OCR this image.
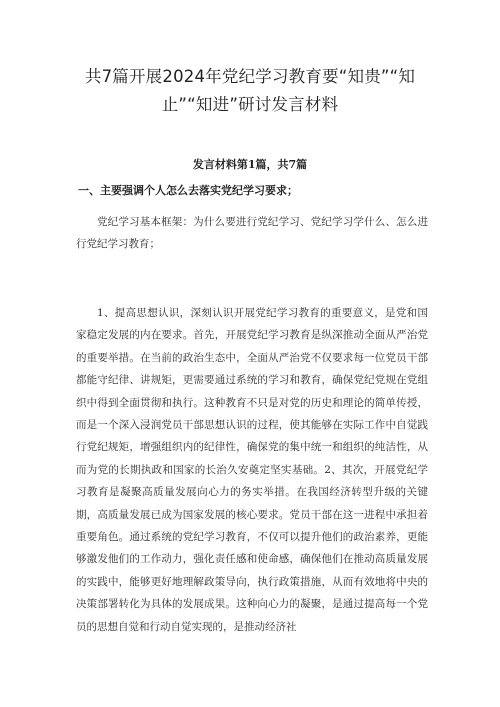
共7篇开展2024年党纪学习教育要“知贵”“知止”“知进”研讨发言材料
发言材料第1篇，共7篇
一、主要强调个人怎么去落实党纪学习要求；

党纪学习基本框架：为什么要进行党纪学习、党纪学习学什么、怎么进行党纪学习教育；

1、提高思想认识，深刻认识开展党纪学习教育的重要意义，是党和国家稳定发展的内在要求。首先，开展党纪学习教育是纵深推动全面从严治党的重要举措。在当前的政治生态中，全面从严治党不仅要求每一位党员干部都能守纪律、讲规矩，更需要通过系统的学习和教育，确保党纪党规在党组织中得到全面贯彻和执行。这种教育不只是对党的历史和理论的简单传授，而是一个深入浸润党员干部思想认识的过程，使其能够在实际工作中自觉践行党纪规矩，增强组织内的纪律性，确保党的集中统一和组织的纯洁性，从而为党的长期执政和国家的长治久安奠定坚实基础。2、其次，开展党纪学习教育是凝聚高质量发展向心力的务实举措。在我国经济转型升级的关键期，高质量发展已成为国家发展的核心要求。党员干部在这一进程中承担着重要角色。通过系统的党纪学习教育，不仅可以提升他们的政治素养，更能够激发他们的工作动力，强化责任感和使命感，确保他们在推动高质量发展的实践中，能够更好地理解政策导向，执行政策措施，从而有效地将中央的决策部署转化为具体的发展成果。这种向心力的凝聚，是通过提高每一个党员的思想自觉和行动自觉实现的，是推动经济社
